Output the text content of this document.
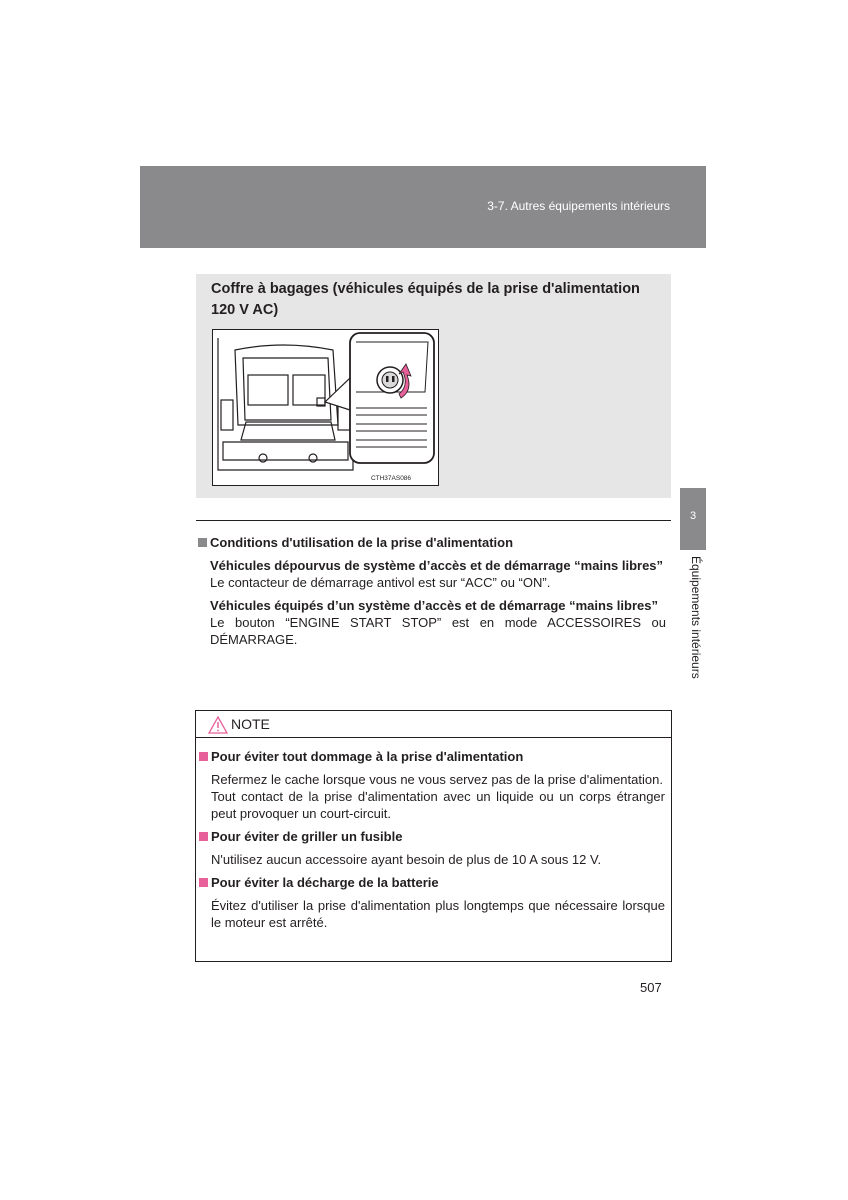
3-7. Autres équipements intérieurs
3
Équipements intérieurs
Coffre à bagages (véhicules équipés de la prise d'alimentation 120 V AC)
CTH37AS086
Conditions d'utilisation de la prise d'alimentation
Véhicules dépourvus de système d’accès et de démarrage “mains libres”
Le contacteur de démarrage antivol est sur “ACC” ou “ON”.
Véhicules équipés d’un système d’accès et de démarrage “mains libres”
Le bouton “ENGINE START STOP” est en mode ACCESSOIRES ou DÉMARRAGE.
NOTE
Pour éviter tout dommage à la prise d'alimentation
Refermez le cache lorsque vous ne vous servez pas de la prise d'alimentation.
Tout contact de la prise d'alimentation avec un liquide ou un corps étranger peut provoquer un court-circuit.
Pour éviter de griller un fusible
N'utilisez aucun accessoire ayant besoin de plus de 10 A sous 12 V.
Pour éviter la décharge de la batterie
Évitez d'utiliser la prise d'alimentation plus longtemps que nécessaire lorsque le moteur est arrêté.
507
